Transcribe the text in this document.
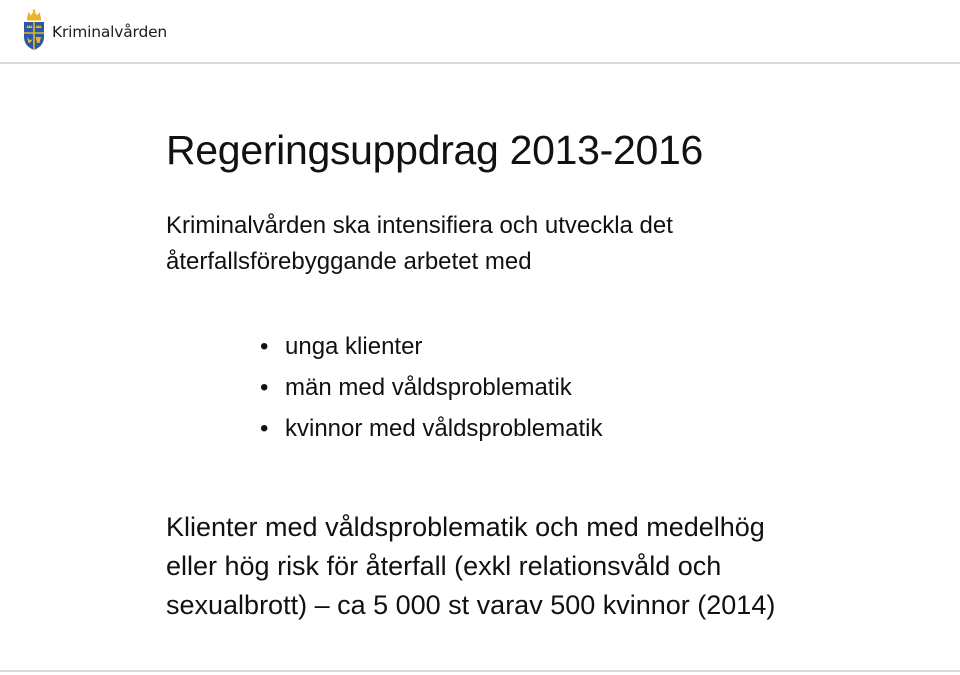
Kriminalvården
Regeringsuppdrag 2013-2016
Kriminalvården ska intensifiera och utveckla det
återfallsförebyggande arbetet med
• unga klienter
• män med våldsproblematik
• kvinnor med våldsproblematik
Klienter med våldsproblematik och med medelhög
eller hög risk för återfall (exkl relationsvåld och
sexualbrott) – ca 5 000 st varav 500 kvinnor (2014)
